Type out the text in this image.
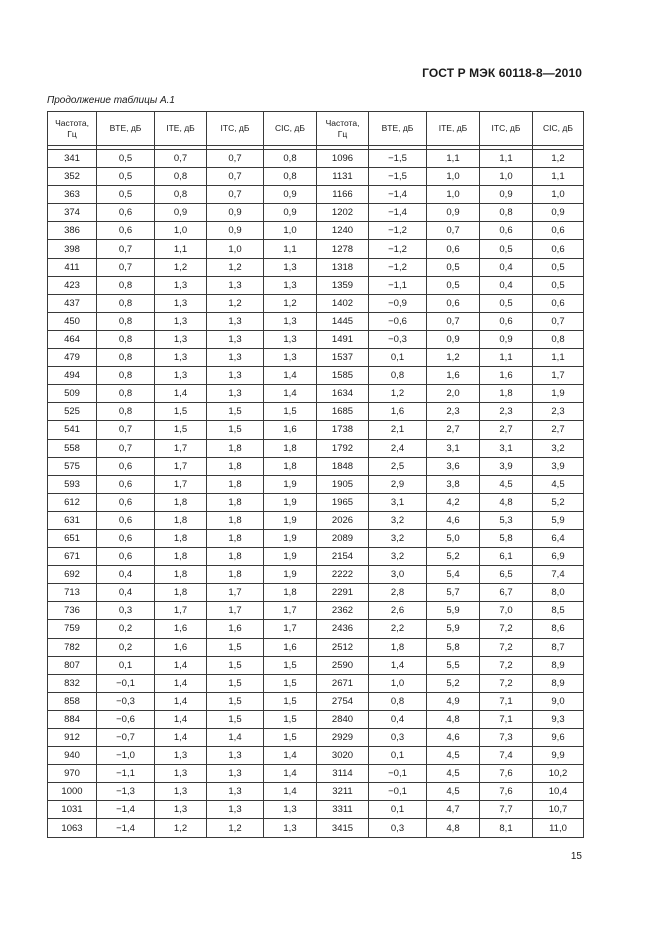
ГОСТ Р МЭК 60118-8—2010
Продолжение таблицы А.1
Частота,
Гц	BTE, дБ	ITE, дБ	ITC, дБ	CIC, дБ	Частота,
Гц	BTE, дБ	ITE, дБ	ITC, дБ	CIC, дБ

341	0,5	0,7	0,7	0,8	1096	−1,5	1,1	1,1	1,2
352	0,5	0,8	0,7	0,8	1131	−1,5	1,0	1,0	1,1
363	0,5	0,8	0,7	0,9	1166	−1,4	1,0	0,9	1,0
374	0,6	0,9	0,9	0,9	1202	−1,4	0,9	0,8	0,9
386	0,6	1,0	0,9	1,0	1240	−1,2	0,7	0,6	0,6
398	0,7	1,1	1,0	1,1	1278	−1,2	0,6	0,5	0,6
411	0,7	1,2	1,2	1,3	1318	−1,2	0,5	0,4	0,5
423	0,8	1,3	1,3	1,3	1359	−1,1	0,5	0,4	0,5
437	0,8	1,3	1,2	1,2	1402	−0,9	0,6	0,5	0,6
450	0,8	1,3	1,3	1,3	1445	−0,6	0,7	0,6	0,7
464	0,8	1,3	1,3	1,3	1491	−0,3	0,9	0,9	0,8
479	0,8	1,3	1,3	1,3	1537	0,1	1,2	1,1	1,1
494	0,8	1,3	1,3	1,4	1585	0,8	1,6	1,6	1,7
509	0,8	1,4	1,3	1,4	1634	1,2	2,0	1,8	1,9
525	0,8	1,5	1,5	1,5	1685	1,6	2,3	2,3	2,3
541	0,7	1,5	1,5	1,6	1738	2,1	2,7	2,7	2,7
558	0,7	1,7	1,8	1,8	1792	2,4	3,1	3,1	3,2
575	0,6	1,7	1,8	1,8	1848	2,5	3,6	3,9	3,9
593	0,6	1,7	1,8	1,9	1905	2,9	3,8	4,5	4,5
612	0,6	1,8	1,8	1,9	1965	3,1	4,2	4,8	5,2
631	0,6	1,8	1,8	1,9	2026	3,2	4,6	5,3	5,9
651	0,6	1,8	1,8	1,9	2089	3,2	5,0	5,8	6,4
671	0,6	1,8	1,8	1,9	2154	3,2	5,2	6,1	6,9
692	0,4	1,8	1,8	1,9	2222	3,0	5,4	6,5	7,4
713	0,4	1,8	1,7	1,8	2291	2,8	5,7	6,7	8,0
736	0,3	1,7	1,7	1,7	2362	2,6	5,9	7,0	8,5
759	0,2	1,6	1,6	1,7	2436	2,2	5,9	7,2	8,6
782	0,2	1,6	1,5	1,6	2512	1,8	5,8	7,2	8,7
807	0,1	1,4	1,5	1,5	2590	1,4	5,5	7,2	8,9
832	−0,1	1,4	1,5	1,5	2671	1,0	5,2	7,2	8,9
858	−0,3	1,4	1,5	1,5	2754	0,8	4,9	7,1	9,0
884	−0,6	1,4	1,5	1,5	2840	0,4	4,8	7,1	9,3
912	−0,7	1,4	1,4	1,5	2929	0,3	4,6	7,3	9,6
940	−1,0	1,3	1,3	1,4	3020	0,1	4,5	7,4	9,9
970	−1,1	1,3	1,3	1,4	3114	−0,1	4,5	7,6	10,2
1000	−1,3	1,3	1,3	1,4	3211	−0,1	4,5	7,6	10,4
1031	−1,4	1,3	1,3	1,3	3311	0,1	4,7	7,7	10,7
1063	−1,4	1,2	1,2	1,3	3415	0,3	4,8	8,1	11,0
15
